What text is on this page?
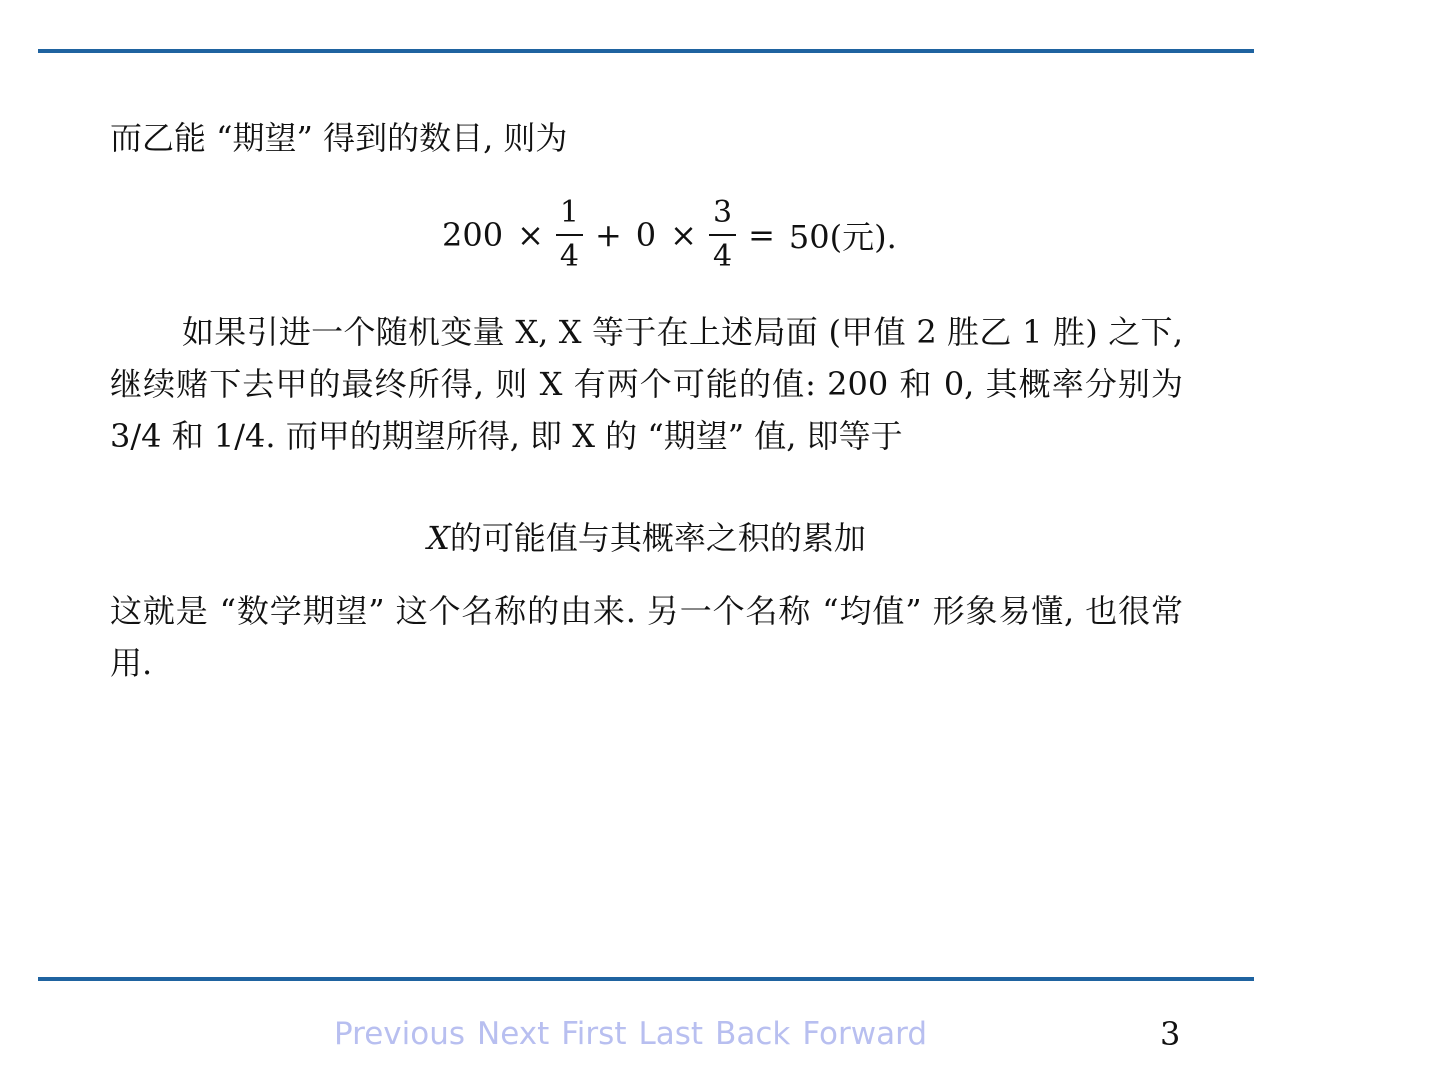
而乙能 “期望” 得到的数目, 则为
$200 \times \frac{1}{4} + 0 \times \frac{3}{4} = 50$(元).
如果引进一个随机变量 X, X 等于在上述局面 (甲值 2 胜乙 1 胜) 之下, 继续赌下去甲的最终所得, 则 X 有两个可能的值: 200 和 0, 其概率分别为 3/4 和 1/4. 而甲的期望所得, 即 X 的 “期望” 值, 即等于
X的可能值与其概率之积的累加
这就是 “数学期望” 这个名称的由来. 另一个名称 “均值” 形象易懂, 也很常用.
Previous Next First Last Back Forward	3
